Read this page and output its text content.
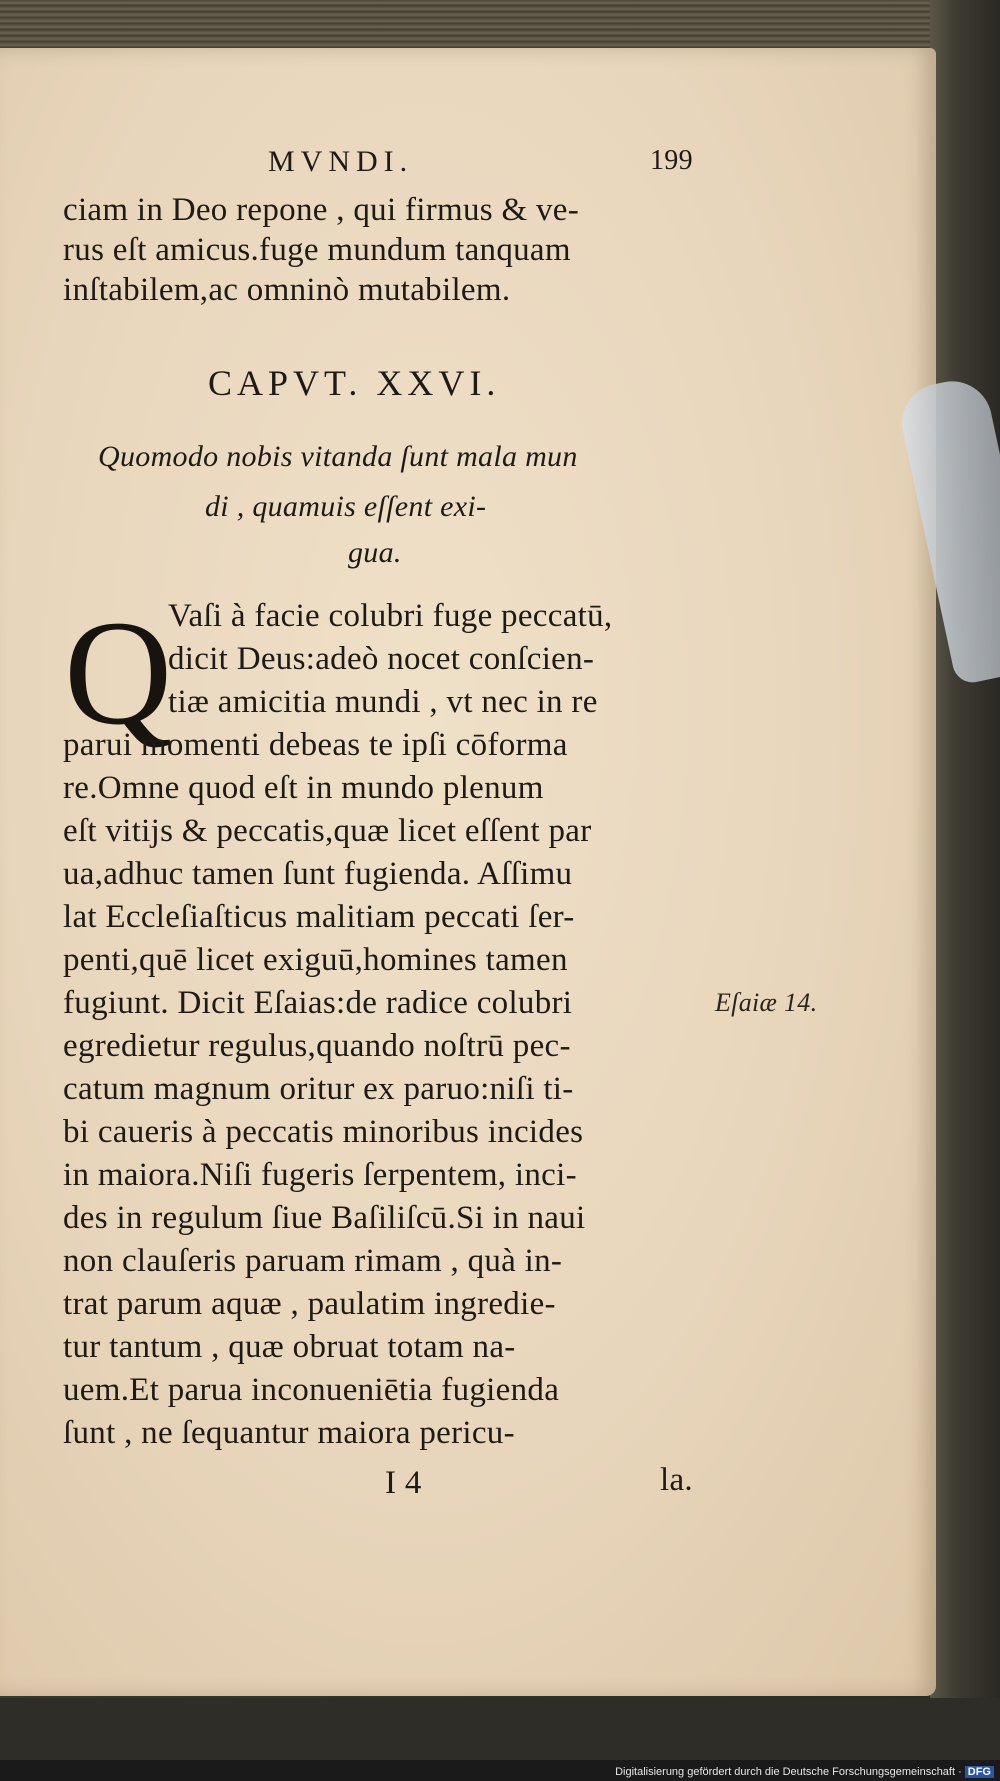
MVNDI.	199
ciam in Deo repone , qui firmus & ve-
rus eſt amicus.fuge mundum tanquam
inſtabilem,ac omninò mutabilem.
CAPVT. XXVI.
Quomodo nobis vitanda ſunt mala mun
di , quamuis eſſent exi-
gua.
Q
Vaſi à facie colubri fuge peccatū,
dicit Deus:adeò nocet conſcien-
tiæ amicitia mundi , vt nec in re
parui momenti debeas te ipſi cōforma
re.Omne quod eſt in mundo plenum
eſt vitijs & peccatis,quæ licet eſſent par
ua,adhuc tamen ſunt fugienda. Aſſimu
lat Eccleſiaſticus malitiam peccati ſer-
penti,quē licet exiguū,homines tamen
fugiunt. Dicit Eſaias:de radice colubri
egredietur regulus,quando noſtrū pec-
catum magnum oritur ex paruo:niſi ti-
bi caueris à peccatis minoribus incides
in maiora.Niſi fugeris ſerpentem, inci-
des in regulum ſiue Baſiliſcū.Si in naui
non clauſeris paruam rimam , quà in-
trat parum aquæ , paulatim ingredie-
tur tantum , quæ obruat totam na-
uem.Et parua inconueniētia fugienda
ſunt , ne ſequantur maiora pericu-
Eſaiæ 14.
I 4	la.
Digitalisierung gefördert durch die Deutsche Forschungsgemeinschaft · DFG
